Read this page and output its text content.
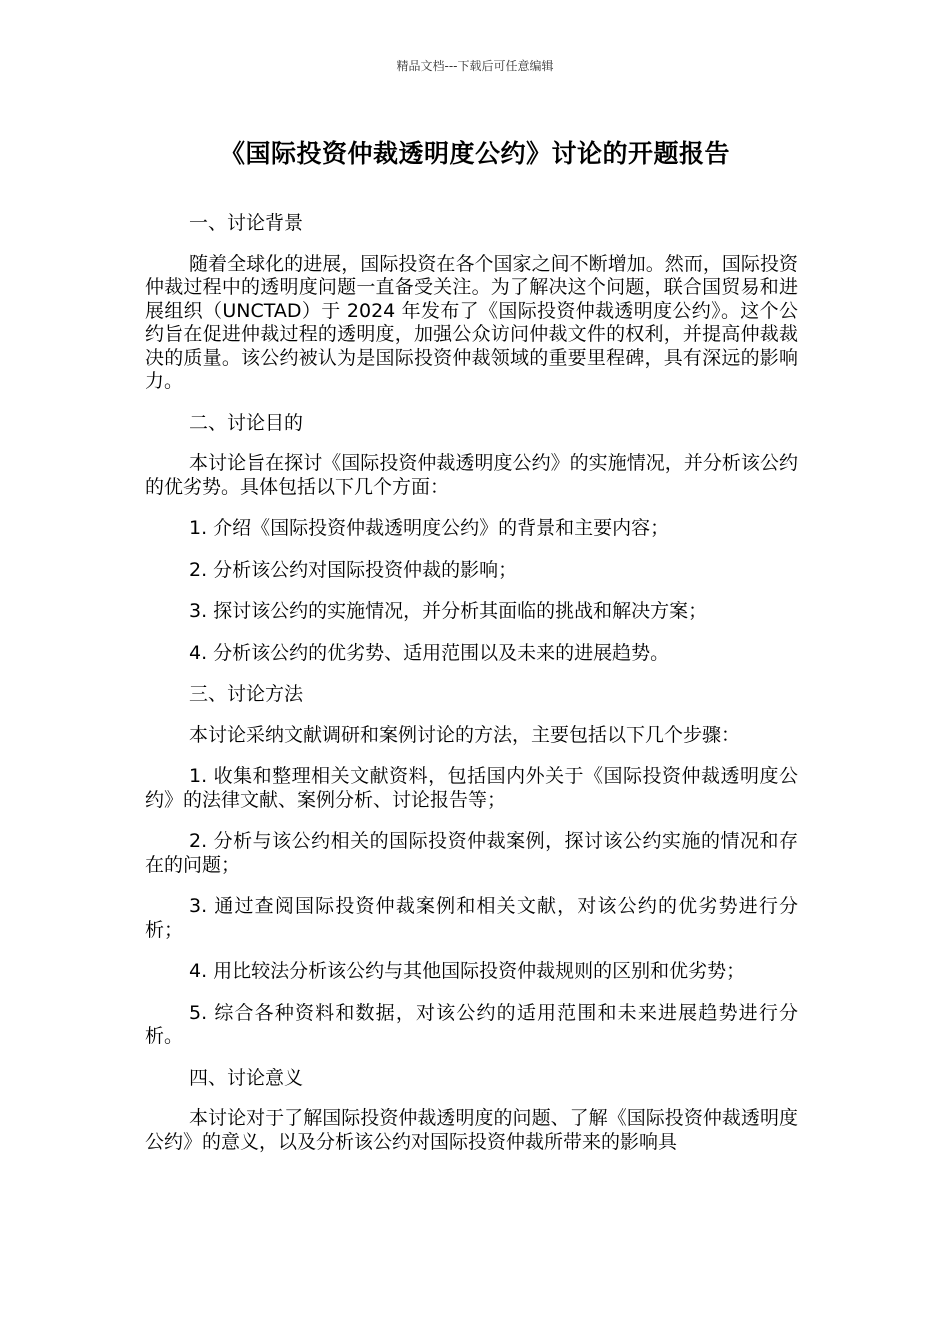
精品文档---下载后可任意编辑
《国际投资仲裁透明度公约》讨论的开题报告

一、讨论背景

随着全球化的进展，国际投资在各个国家之间不断增加。然而，国际投资仲裁过程中的透明度问题一直备受关注。为了解决这个问题，联合国贸易和进展组织（UNCTAD）于 2024 年发布了《国际投资仲裁透明度公约》。这个公约旨在促进仲裁过程的透明度，加强公众访问仲裁文件的权利，并提高仲裁裁决的质量。该公约被认为是国际投资仲裁领域的重要里程碑，具有深远的影响力。

二、讨论目的

本讨论旨在探讨《国际投资仲裁透明度公约》的实施情况，并分析该公约的优劣势。具体包括以下几个方面：

1. 介绍《国际投资仲裁透明度公约》的背景和主要内容；

2. 分析该公约对国际投资仲裁的影响；

3. 探讨该公约的实施情况，并分析其面临的挑战和解决方案；

4. 分析该公约的优劣势、适用范围以及未来的进展趋势。

三、讨论方法

本讨论采纳文献调研和案例讨论的方法，主要包括以下几个步骤：

1. 收集和整理相关文献资料，包括国内外关于《国际投资仲裁透明度公约》的法律文献、案例分析、讨论报告等；

2. 分析与该公约相关的国际投资仲裁案例，探讨该公约实施的情况和存在的问题；

3. 通过查阅国际投资仲裁案例和相关文献，对该公约的优劣势进行分析；

4. 用比较法分析该公约与其他国际投资仲裁规则的区别和优劣势；

5. 综合各种资料和数据，对该公约的适用范围和未来进展趋势进行分析。

四、讨论意义

本讨论对于了解国际投资仲裁透明度的问题、了解《国际投资仲裁透明度公约》的意义，以及分析该公约对国际投资仲裁所带来的影响具
